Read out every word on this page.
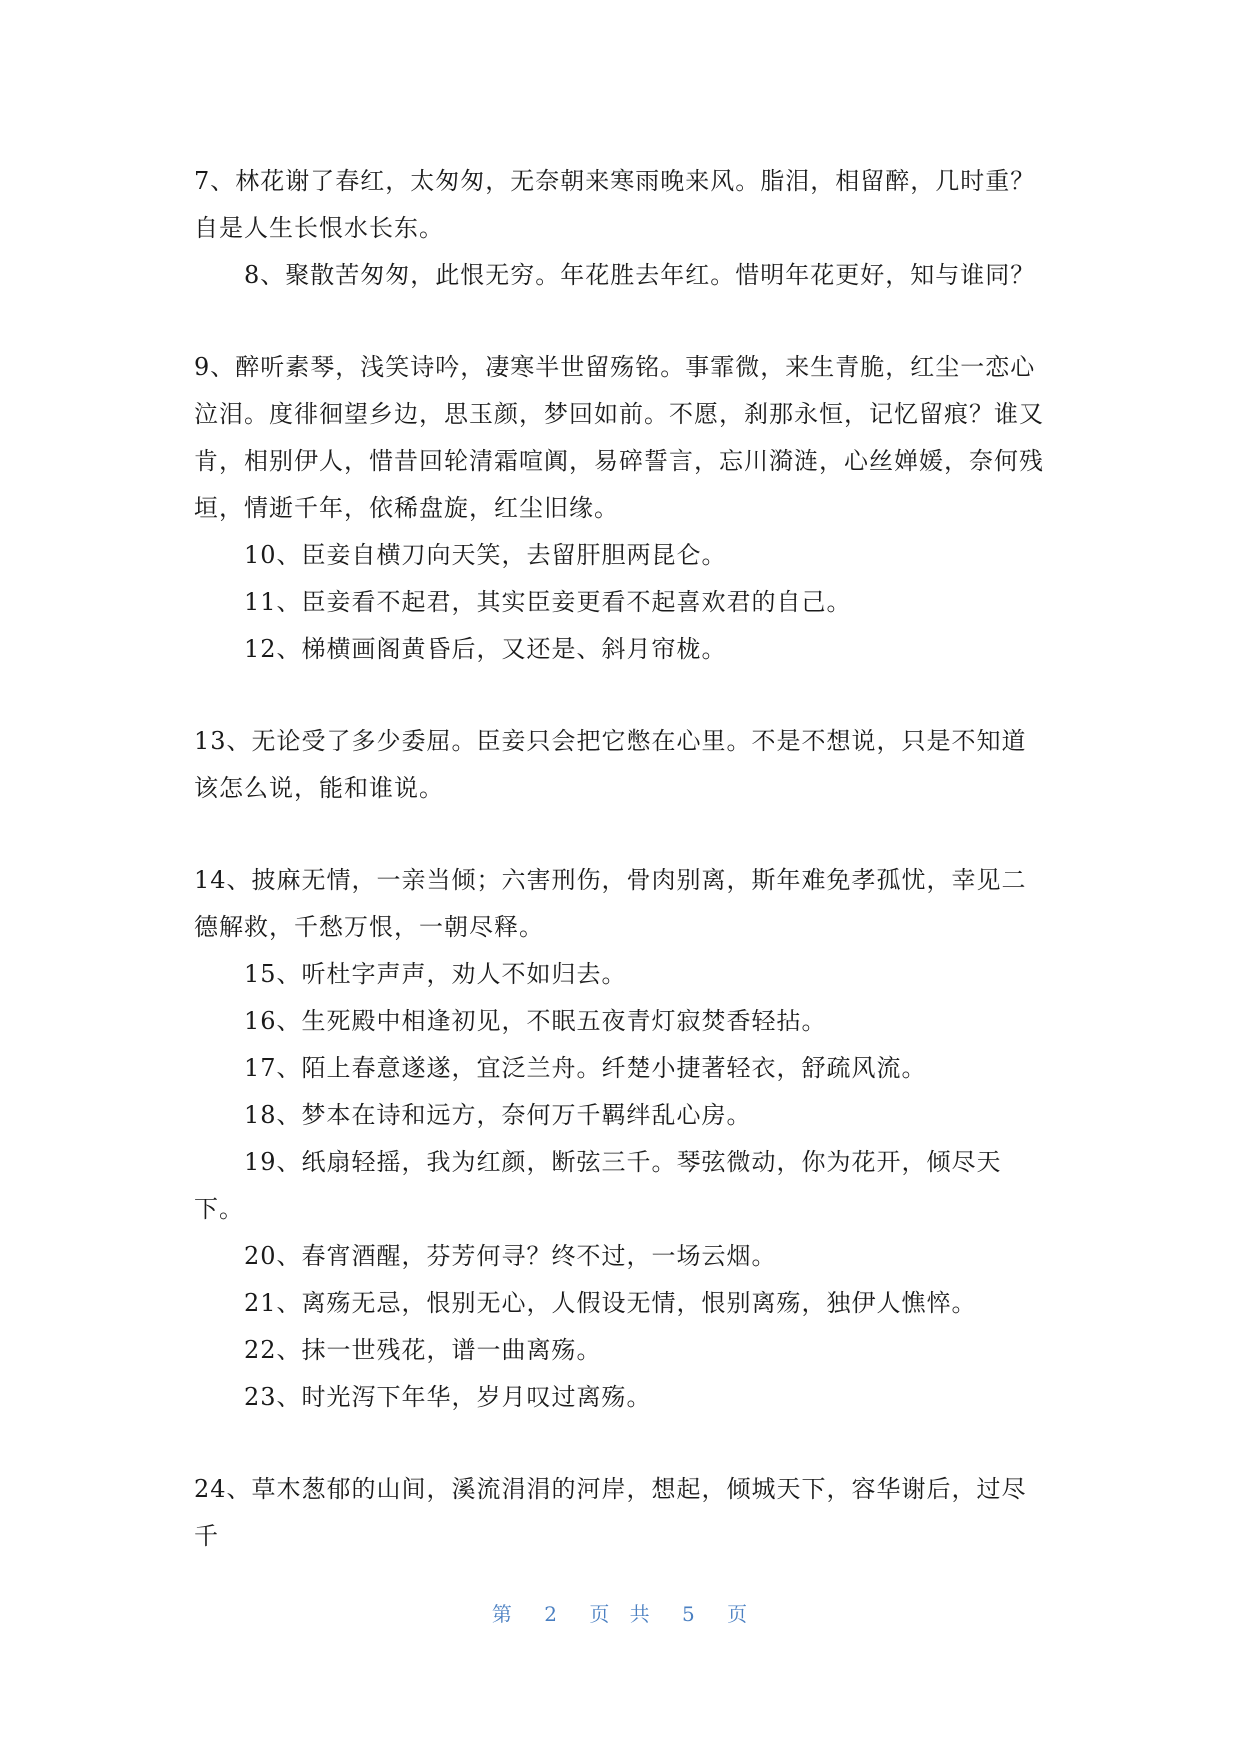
7、林花谢了春红，太匆匆，无奈朝来寒雨晚来风。脂泪，相留醉，几时重？自是人生长恨水长东。

8、聚散苦匆匆，此恨无穷。年花胜去年红。惜明年花更好，知与谁同？

9、醉听素琴，浅笑诗吟，凄寒半世留殇铭。事霏微，来生青脆，红尘一恋心泣泪。度徘徊望乡边，思玉颜，梦回如前。不愿，刹那永恒，记忆留痕？谁又肯，相别伊人，惜昔回轮清霜喧阗，易碎誓言，忘川漪涟，心丝婵媛，奈何残垣，情逝千年，依稀盘旋，红尘旧缘。

10、臣妾自横刀向天笑，去留肝胆两昆仑。

11、臣妾看不起君，其实臣妾更看不起喜欢君的自己。

12、梯横画阁黄昏后，又还是、斜月帘栊。

13、无论受了多少委屈。臣妾只会把它憋在心里。不是不想说，只是不知道该怎么说，能和谁说。

14、披麻无情，一亲当倾；六害刑伤，骨肉别离，斯年难免孝孤忧，幸见二德解救，千愁万恨，一朝尽释。

15、听杜字声声，劝人不如归去。

16、生死殿中相逢初见，不眠五夜青灯寂焚香轻拈。

17、陌上春意遂遂，宜泛兰舟。纤楚小捷著轻衣，舒疏风流。

18、梦本在诗和远方，奈何万千羁绊乱心房。

19、纸扇轻摇，我为红颜，断弦三千。琴弦微动，你为花开，倾尽天下。

20、春宵酒醒，芬芳何寻？终不过，一场云烟。

21、离殇无忌，恨别无心，人假设无情，恨别离殇，独伊人憔悴。

22、抹一世残花，谱一曲离殇。

23、时光泻下年华，岁月叹过离殇。

24、草木葱郁的山间，溪流涓涓的河岸，想起，倾城天下，容华谢后，过尽千

第 2 页 共 5 页
